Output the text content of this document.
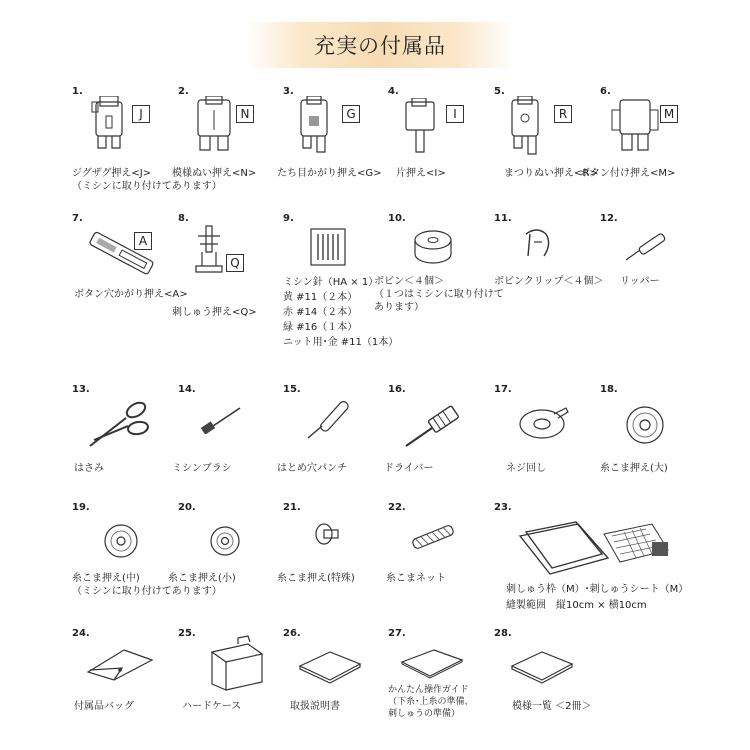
充実の付属品
1.
J
ジグザグ押え<J>
（ミシンに取り付けてあります）
2.
N
模様ぬい押え<N>
3.
G
たち目かがり押え<G>
4.
I
片押え<I>
5.
R
まつりぬい押え<R>
6.
M
ボタン付け押え<M>
7.
A
ボタン穴かがり押え<A>
8.
Q
刺しゅう押え<Q>
9.
ミシン針（HA × 1）
黄 #11（２本）
赤 #14（２本）
緑 #16（１本）
ニット用･金 #11（1本）
10.
ボビン＜４個＞
（１つはミシンに取り付けて
あります）
11.
ボビンクリップ＜４個＞
12.
リッパー
13.
はさみ
14.
ミシンブラシ
15.
はとめ穴パンチ
16.
ドライバー
17.
ネジ回し
18.
糸こま押え(大)
19.
糸こま押え(中)
（ミシンに取り付けてあります）
20.
糸こま押え(小)
21.
糸こま押え(特殊)
22.
糸こまネット
23.
刺しゅう枠（M）･刺しゅうシート（M）
縫製範囲　縦10cm × 横10cm
24.
付属品バッグ
25.
ハードケース
26.
取扱説明書
27.
かんたん操作ガイド
（下糸･上糸の準備、
刺しゅうの準備）
28.
模様一覧 ＜2冊＞
